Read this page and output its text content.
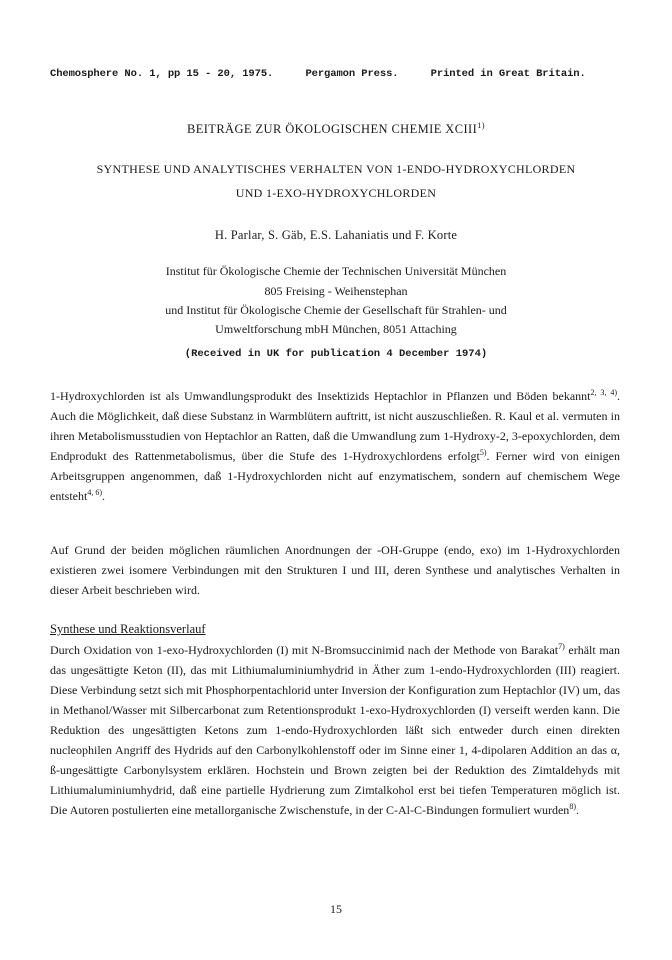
Chemosphere No. 1, pp 15 - 20, 1975.	Pergamon Press.	Printed in Great Britain.
BEITRÄGE ZUR ÖKOLOGISCHEN CHEMIE XCIII$^{1)}$
SYNTHESE UND ANALYTISCHES VERHALTEN VON 1-ENDO-HYDROXYCHLORDEN
UND 1-EXO-HYDROXYCHLORDEN
H. Parlar, S. Gäb, E.S. Lahaniatis und F. Korte
Institut für Ökologische Chemie der Technischen Universität München
805 Freising - Weihenstephan
und Institut für Ökologische Chemie der Gesellschaft für Strahlen- und
Umweltforschung mbH München, 8051 Attaching
(Received in UK for publication 4 December 1974)
1-Hydroxychlorden ist als Umwandlungsprodukt des Insektizids Heptachlor in Pflanzen und Böden bekannt$^{2, 3, 4)}$. Auch die Möglichkeit, daß diese Substanz in Warmblütern auftritt, ist nicht auszuschließen. R. Kaul et al. vermuten in ihren Metabolismusstudien von Heptachlor an Ratten, daß die Umwandlung zum 1-Hydroxy-2, 3-epoxychlorden, dem Endprodukt des Rattenmetabolismus, über die Stufe des 1-Hydroxychlordens erfolgt$^{5)}$. Ferner wird von einigen Arbeitsgruppen angenommen, daß 1-Hydroxychlorden nicht auf enzymatischem, sondern auf chemischem Wege entsteht$^{4, 6)}$.
Auf Grund der beiden möglichen räumlichen Anordnungen der -OH-Gruppe (endo, exo) im 1-Hydroxychlorden existieren zwei isomere Verbindungen mit den Strukturen I und III, deren Synthese und analytisches Verhalten in dieser Arbeit beschrieben wird.
Synthese und Reaktionsverlauf
Durch Oxidation von 1-exo-Hydroxychlorden (I) mit N-Bromsuccinimid nach der Methode von Barakat$^{7)}$ erhält man das ungesättigte Keton (II), das mit Lithiumaluminiumhydrid in Äther zum 1-endo-Hydroxychlorden (III) reagiert. Diese Verbindung setzt sich mit Phosphorpentachlorid unter Inversion der Konfiguration zum Heptachlor (IV) um, das in Methanol/Wasser mit Silbercarbonat zum Retentionsprodukt 1-exo-Hydroxychlorden (I) verseift werden kann. Die Reduktion des ungesättigten Ketons zum 1-endo-Hydroxychlorden läßt sich entweder durch einen direkten nucleophilen Angriff des Hydrids auf den Carbonylkohlenstoff oder im Sinne einer 1, 4-dipolaren Addition an das α, ß-ungesättigte Carbonylsystem erklären. Hochstein und Brown zeigten bei der Reduktion des Zimtaldehyds mit Lithiumaluminiumhydrid, daß eine partielle Hydrierung zum Zimtalkohol erst bei tiefen Temperaturen möglich ist. Die Autoren postulierten eine metallorganische Zwischenstufe, in der C-Al-C-Bindungen formuliert wurden$^{8)}$.
15
